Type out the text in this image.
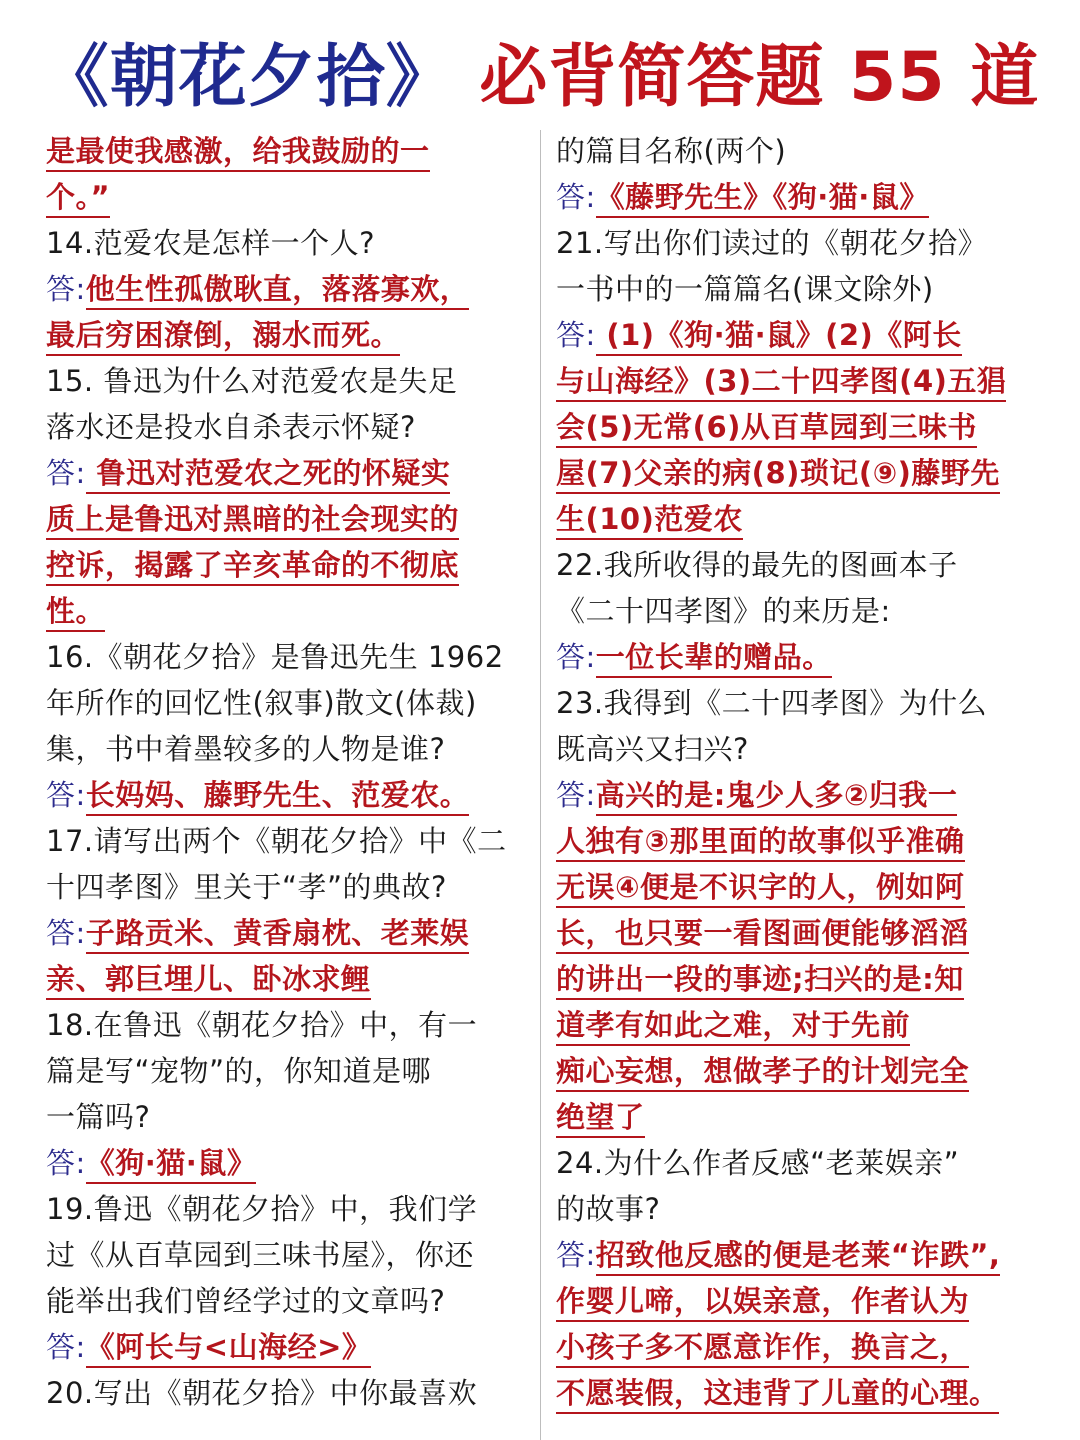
《朝花夕拾》 必背简答题 55 道
是最使我感激，给我鼓励的一
个。”
14.范爱农是怎样一个人?
答:他生性孤傲耿直，落落寡欢，
最后穷困潦倒，溺水而死。
15. 鲁迅为什么对范爱农是失足
落水还是投水自杀表示怀疑?
答: 鲁迅对范爱农之死的怀疑实
质上是鲁迅对黑暗的社会现实的
控诉，揭露了辛亥革命的不彻底
性。
16.《朝花夕拾》是鲁迅先生 1962
年所作的回忆性(叙事)散文(体裁)
集，书中着墨较多的人物是谁?
答:长妈妈、藤野先生、范爱农。
17.请写出两个《朝花夕拾》中《二
十四孝图》里关于“孝”的典故?
答:子路贡米、黄香扇枕、老莱娱
亲、郭巨埋儿、卧冰求鲤
18.在鲁迅《朝花夕拾》中，有一
篇是写“宠物”的，你知道是哪
一篇吗?
答:《狗·猫·鼠》
19.鲁迅《朝花夕拾》中，我们学
过《从百草园到三味书屋》，你还
能举出我们曾经学过的文章吗?
答:《阿长与<山海经>》
20.写出《朝花夕拾》中你最喜欢
的篇目名称(两个)
答:《藤野先生》《狗·猫·鼠》
21.写出你们读过的《朝花夕拾》
一书中的一篇篇名(课文除外)
答: (1)《狗·猫·鼠》(2)《阿长
与山海经》(3)二十四孝图(4)五猖
会(5)无常(6)从百草园到三味书
屋(7)父亲的病(8)琐记(⑨)藤野先
生(10)范爱农
22.我所收得的最先的图画本子
《二十四孝图》的来历是:
答:一位长辈的赠品。
23.我得到《二十四孝图》为什么
既高兴又扫兴?
答:高兴的是:鬼少人多②归我一
人独有③那里面的故事似乎准确
无误④便是不识字的人，例如阿
长，也只要一看图画便能够滔滔
的讲出一段的事迹;扫兴的是:知
道孝有如此之难，对于先前
痴心妄想，想做孝子的计划完全
绝望了
24.为什么作者反感“老莱娱亲”
的故事?
答:招致他反感的便是老莱“诈跌”,
作婴儿啼，以娱亲意，作者认为
小孩子多不愿意诈作，换言之，
不愿装假，这违背了儿童的心理。
